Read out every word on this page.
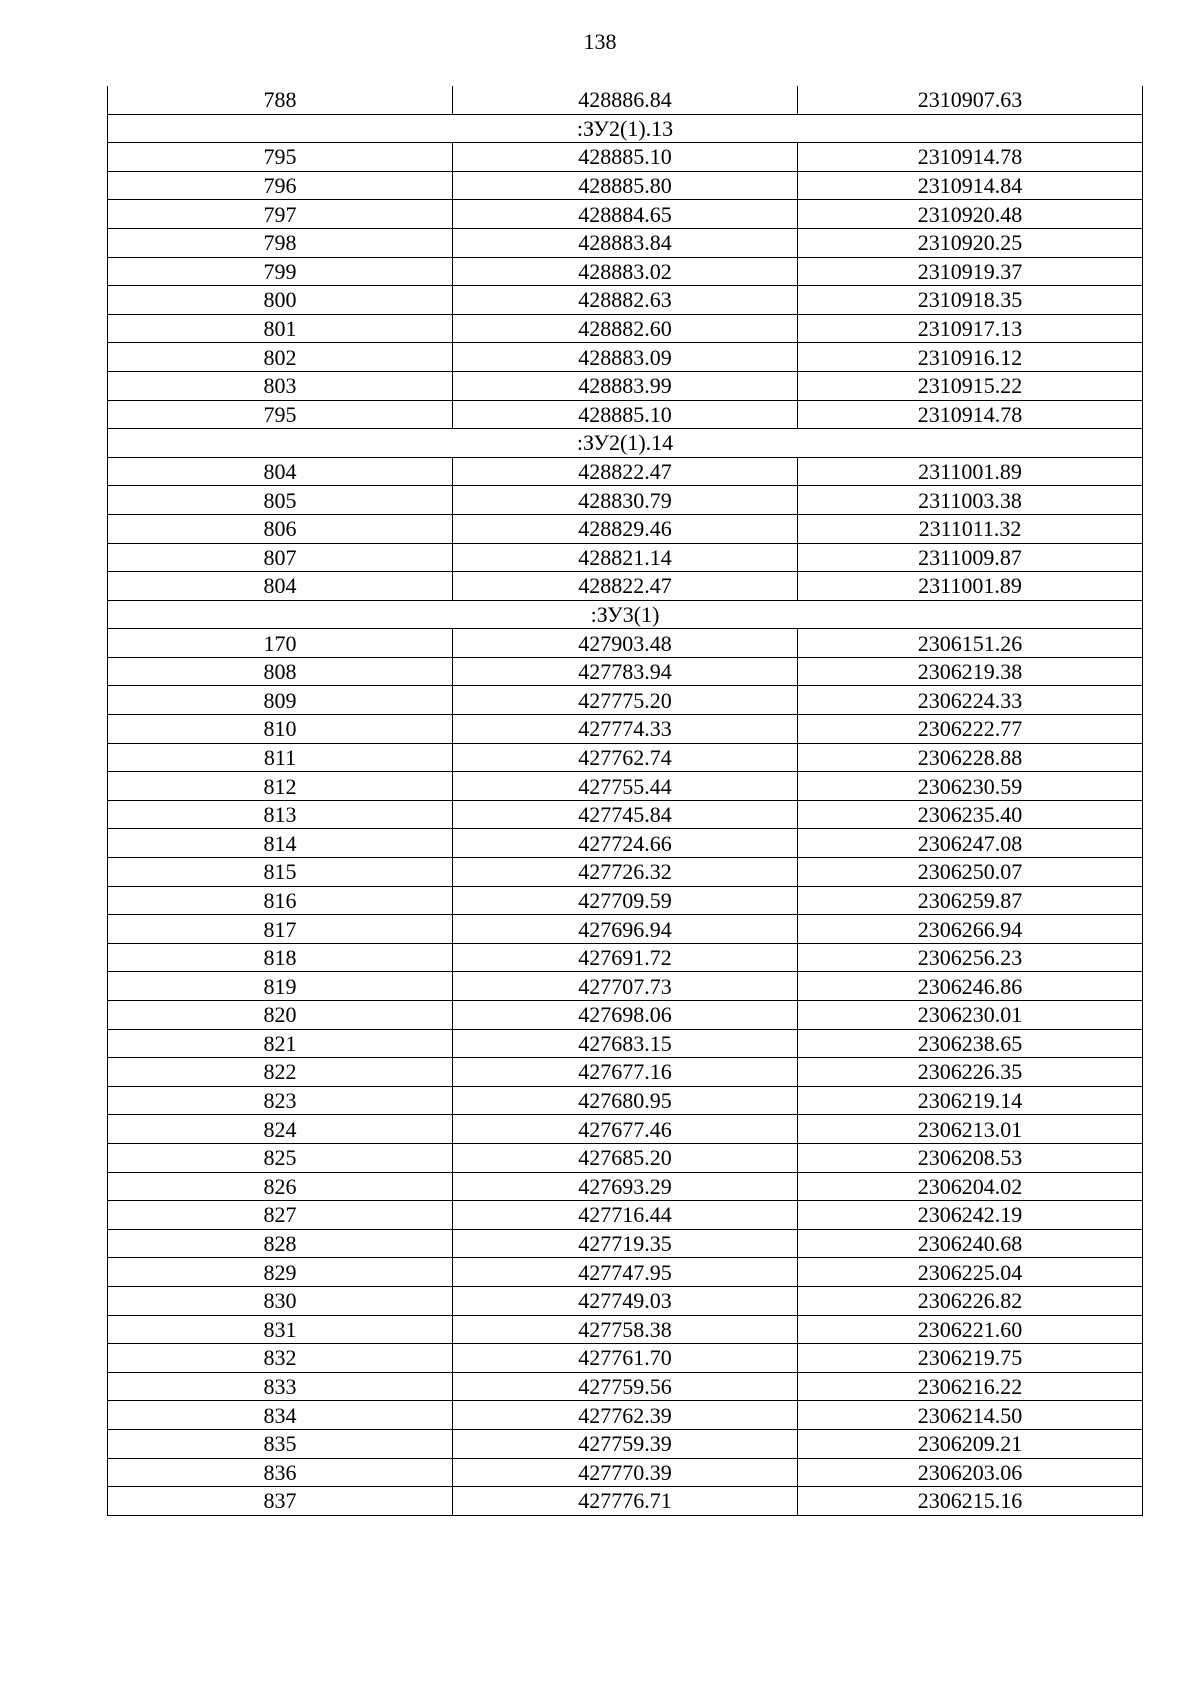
138
788	428886.84	2310907.63
:ЗУ2(1).13		
795	428885.10	2310914.78
796	428885.80	2310914.84
797	428884.65	2310920.48
798	428883.84	2310920.25
799	428883.02	2310919.37
800	428882.63	2310918.35
801	428882.60	2310917.13
802	428883.09	2310916.12
803	428883.99	2310915.22
795	428885.10	2310914.78
:ЗУ2(1).14		
804	428822.47	2311001.89
805	428830.79	2311003.38
806	428829.46	2311011.32
807	428821.14	2311009.87
804	428822.47	2311001.89
:ЗУ3(1)		
170	427903.48	2306151.26
808	427783.94	2306219.38
809	427775.20	2306224.33
810	427774.33	2306222.77
811	427762.74	2306228.88
812	427755.44	2306230.59
813	427745.84	2306235.40
814	427724.66	2306247.08
815	427726.32	2306250.07
816	427709.59	2306259.87
817	427696.94	2306266.94
818	427691.72	2306256.23
819	427707.73	2306246.86
820	427698.06	2306230.01
821	427683.15	2306238.65
822	427677.16	2306226.35
823	427680.95	2306219.14
824	427677.46	2306213.01
825	427685.20	2306208.53
826	427693.29	2306204.02
827	427716.44	2306242.19
828	427719.35	2306240.68
829	427747.95	2306225.04
830	427749.03	2306226.82
831	427758.38	2306221.60
832	427761.70	2306219.75
833	427759.56	2306216.22
834	427762.39	2306214.50
835	427759.39	2306209.21
836	427770.39	2306203.06
837	427776.71	2306215.16
